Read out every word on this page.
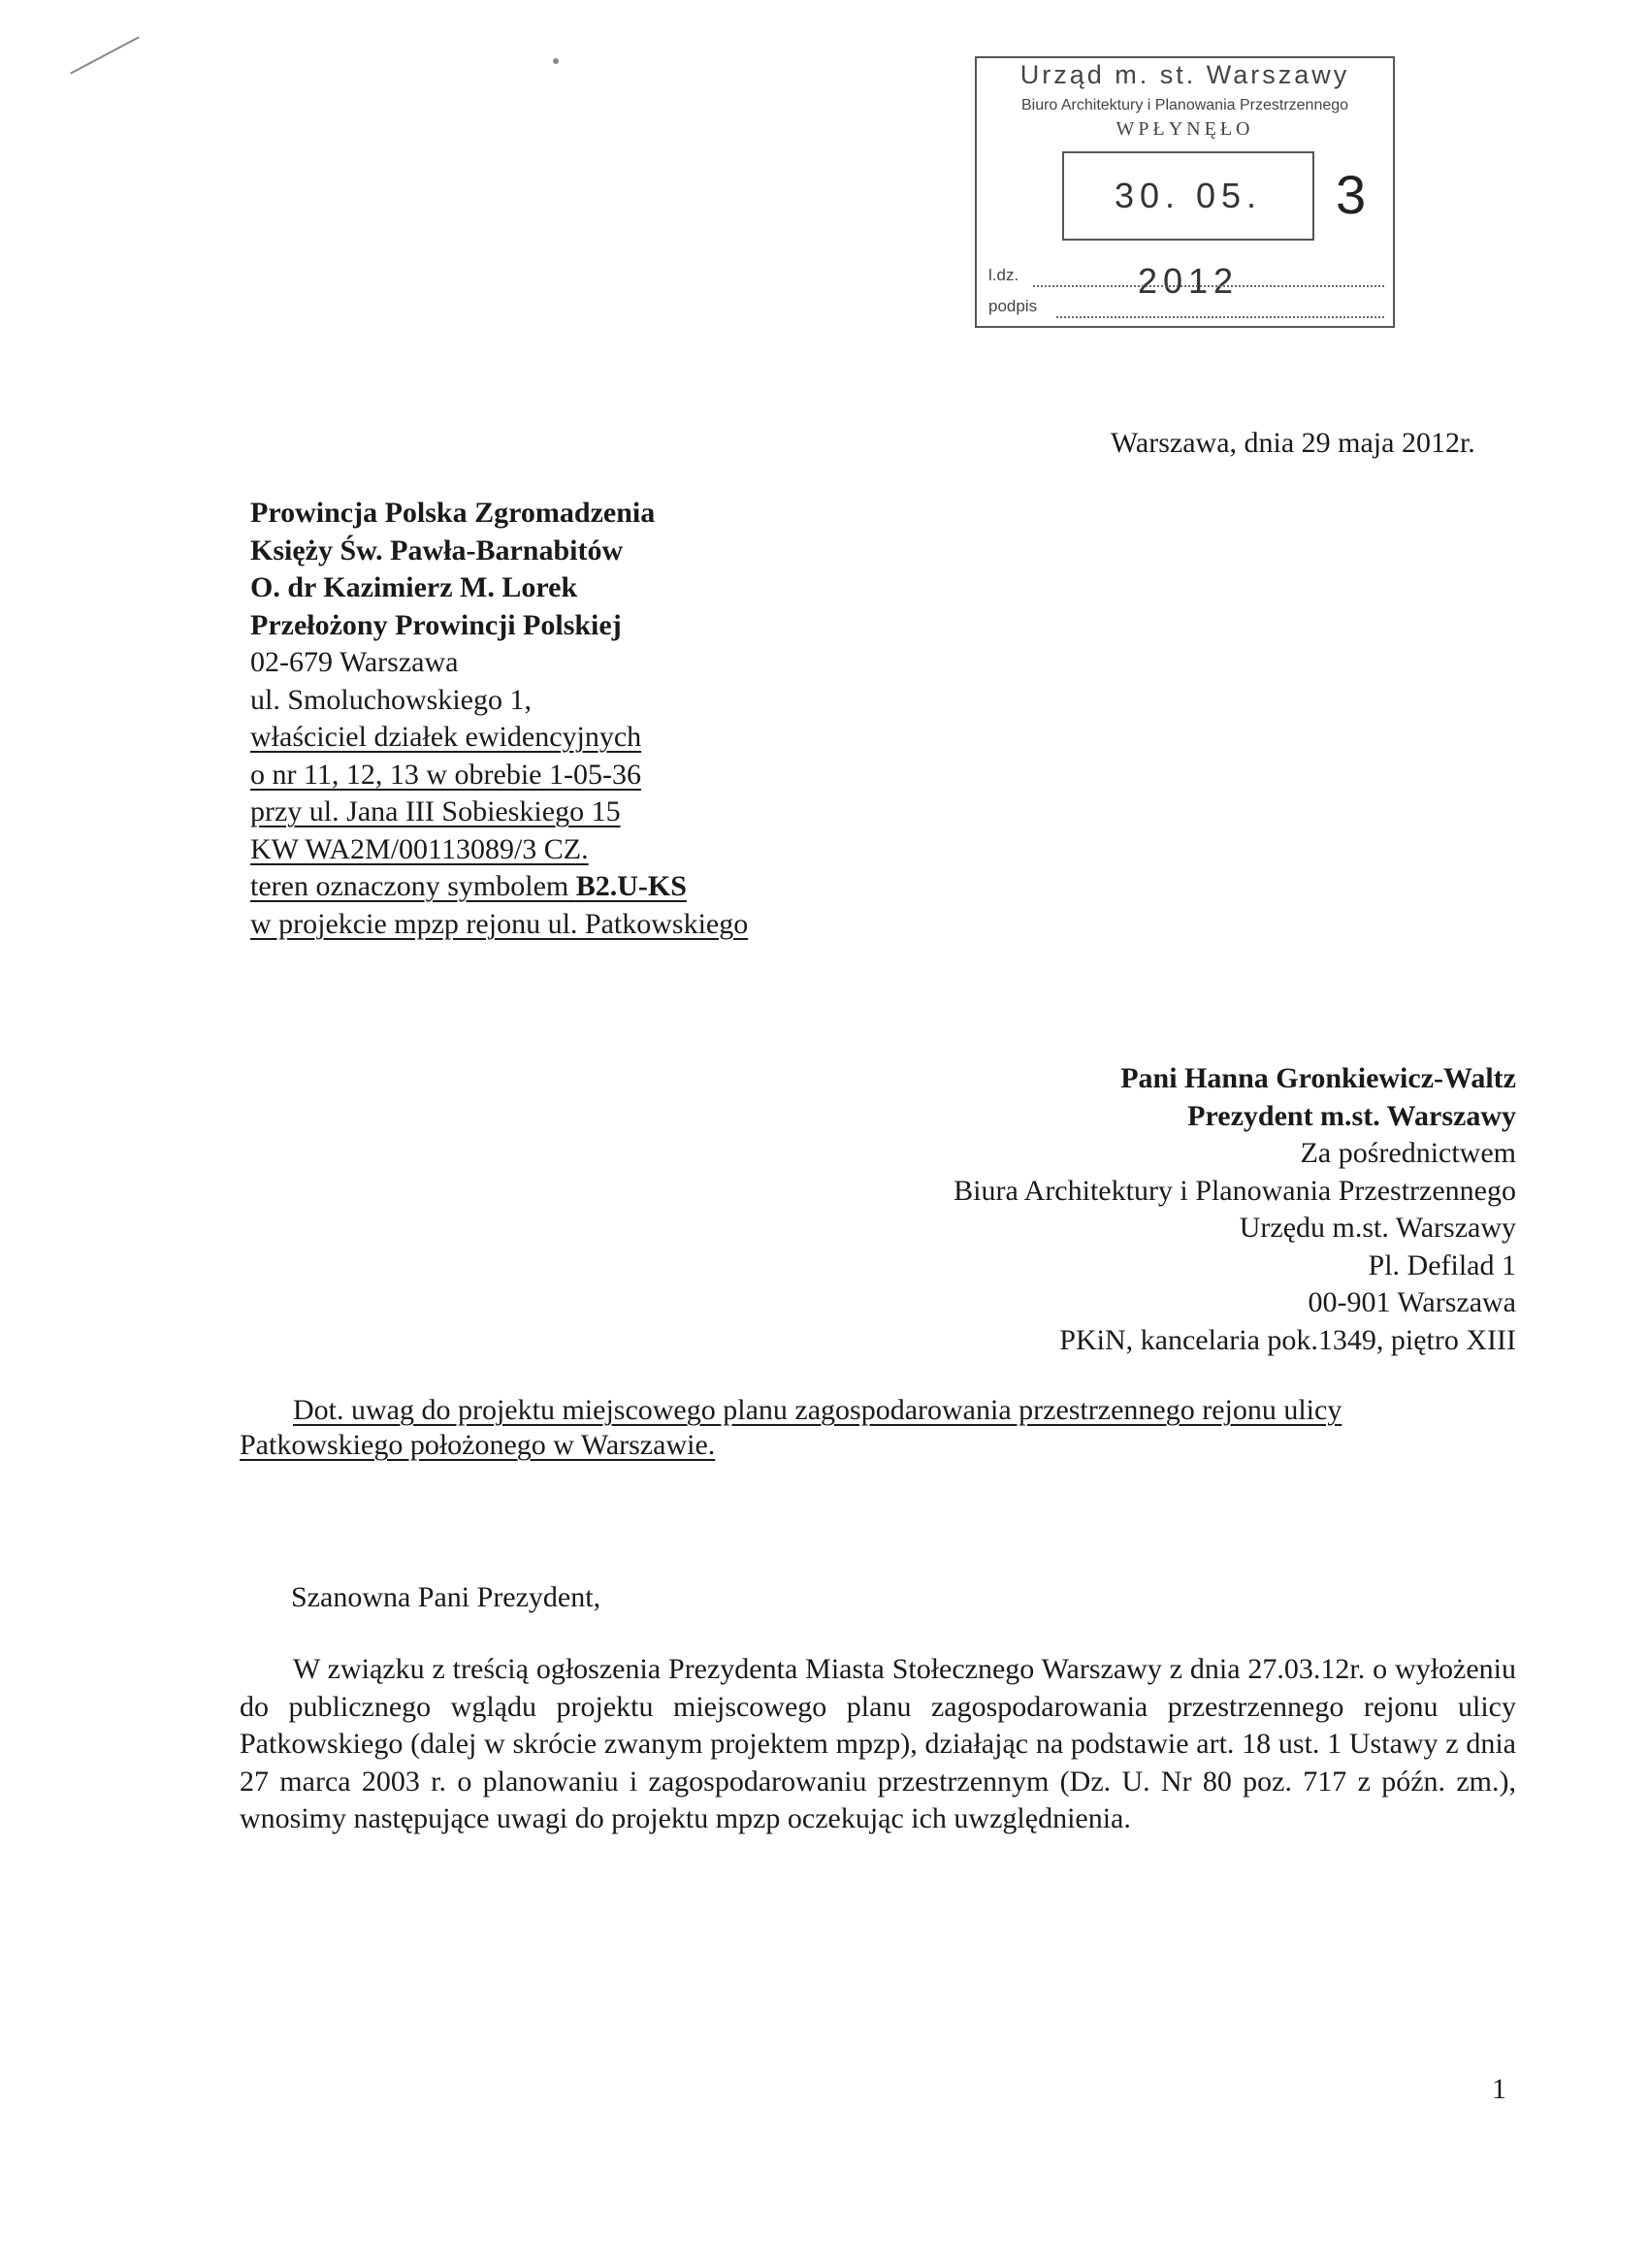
Urząd m. st. Warszawy
Biuro Architektury i Planowania Przestrzennego
WPŁYNĘŁO
30. 05. 2012
3
l.dz.
podpis
Warszawa, dnia 29 maja 2012r.
Prowincja Polska Zgromadzenia
Księży Św. Pawła-Barnabitów
O. dr Kazimierz M. Lorek
Przełożony Prowincji Polskiej
02-679 Warszawa
ul. Smoluchowskiego 1,
właściciel działek ewidencyjnych
o nr 11, 12, 13 w obrebie 1-05-36
przy ul. Jana III Sobieskiego 15
KW WA2M/00113089/3 CZ.
teren oznaczony symbolem B2.U-KS
w projekcie mpzp rejonu ul. Patkowskiego
Pani Hanna Gronkiewicz-Waltz
Prezydent m.st. Warszawy
Za pośrednictwem
Biura Architektury i Planowania Przestrzennego
Urzędu m.st. Warszawy
Pl. Defilad 1
00-901 Warszawa
PKiN, kancelaria pok.1349, piętro XIII
Dot. uwag do projektu miejscowego planu zagospodarowania przestrzennego rejonu ulicy
Patkowskiego położonego w Warszawie.
Szanowna Pani Prezydent,

W związku z treścią ogłoszenia Prezydenta Miasta Stołecznego Warszawy z dnia 27.03.12r. o wyłożeniu do publicznego wglądu projektu miejscowego planu zagospodarowania przestrzennego rejonu ulicy Patkowskiego (dalej w skrócie zwanym projektem mpzp), działając na podstawie art. 18 ust. 1 Ustawy z dnia 27 marca 2003 r. o planowaniu i zagospodarowaniu przestrzennym (Dz. U. Nr 80 poz. 717 z późn. zm.), wnosimy następujące uwagi do projektu mpzp oczekując ich uwzględnienia.

1
